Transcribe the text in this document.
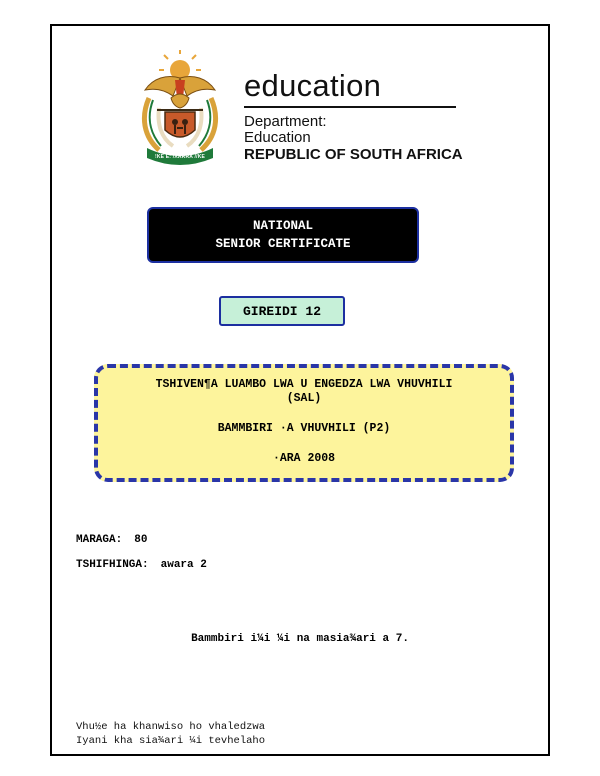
!KE E: /XARRA //KE
education
Department:
Education
REPUBLIC OF SOUTH AFRICA
NATIONAL
SENIOR CERTIFICATE
GIREIDI 12
TSHIVEN¶A LUAMBO LWA U ENGEDZA LWA VHUVHILI
(SAL)
BAMMBIRI ·A VHUVHILI (P2)
·ARA 2008
MARAGA: 80
TSHIFHINGA: awara 2
Bammbiri i¼i ¼i na masia¾ari a 7.
Vhu½e ha khanwiso ho vhaledzwa
Iyani kha sia¾ari ¼i tevhelaho
